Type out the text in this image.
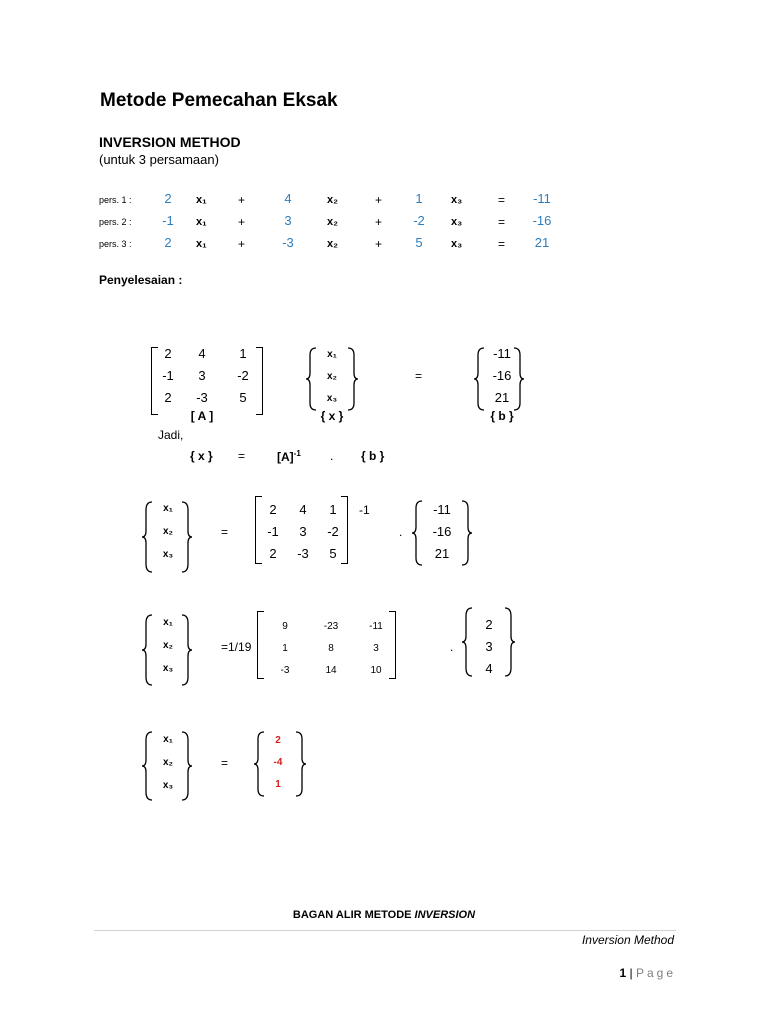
Metode Pemecahan Eksak
INVERSION METHOD
(untuk 3 persamaan)
pers. 1 :	2	x₁	+	4	x₂	+	1	x₃	=	-11
pers. 2 :	-1	x₁	+	3	x₂	+	-2	x₃	=	-16
pers. 3 :	2	x₁	+	-3	x₂	+	5	x₃	=	21
Penyelesaian :
2	4	1
-1	3	-2
2	-3	5
[ A ]
x₁
x₂
x₃
{ x }
=
-11
-16
21
{ b }
Jadi,
{ x } =	$[A]^{-1}$ . { b }
x₁
x₂
x₃
=
2	4	1
-1	3	-2
2	-3	5
-1
.
-11
-16
21
x₁
x₂
x₃
=1/19
9	-23	-11
1	8	3
-3	14	10
.
2
3
4
x₁
x₂
x₃
=
2
-4
1
BAGAN ALIR METODE INVERSION
Inversion Method
1 | Page
